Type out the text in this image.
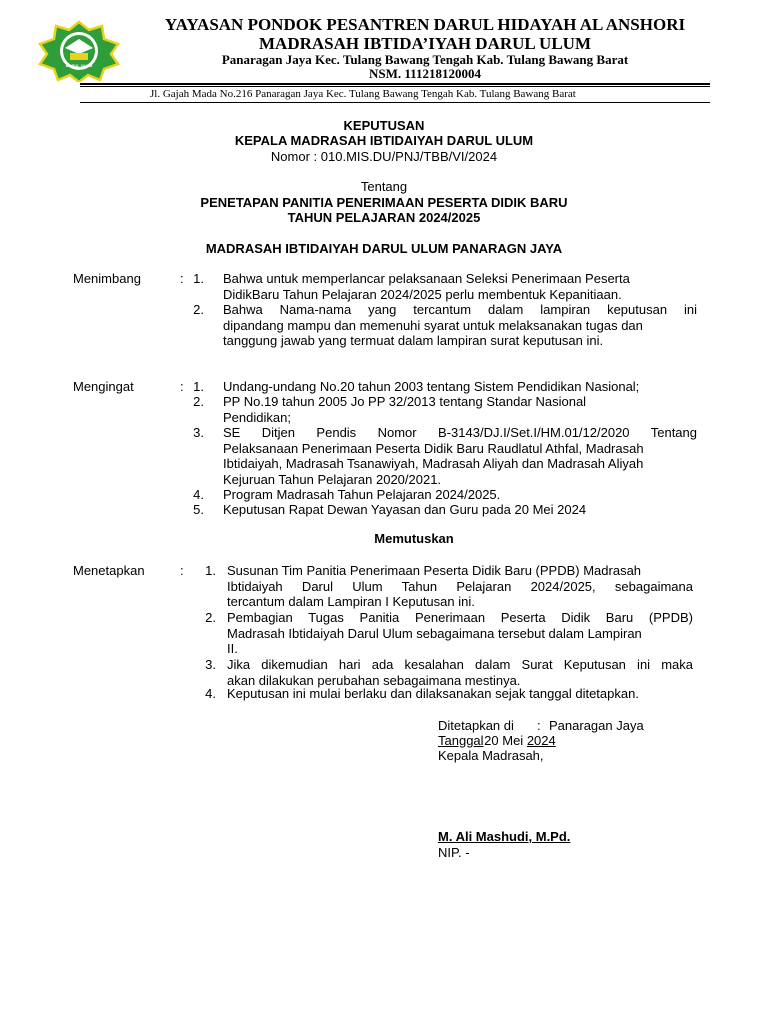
DARUL ULUM
YAYASAN PONDOK PESANTREN DARUL HIDAYAH AL ANSHORI
MADRASAH IBTIDA’IYAH DARUL ULUM
Panaragan Jaya Kec. Tulang Bawang Tengah Kab. Tulang Bawang Barat
NSM. 111218120004
Jl. Gajah Mada No.216 Panaragan Jaya Kec. Tulang Bawang Tengah Kab. Tulang Bawang Barat
KEPUTUSAN
KEPALA MADRASAH IBTIDAIYAH DARUL ULUM
Nomor : 010.MIS.DU/PNJ/TBB/VI/2024
Tentang
PENETAPAN PANITIA PENERIMAAN PESERTA DIDIK BARU
TAHUN PELAJARAN 2024/2025
MADRASAH IBTIDAIYAH DARUL ULUM PANARAGN JAYA
Menimbang	: 1. Bahwa untuk memperlancar pelaksanaan Seleksi Penerimaan Peserta
DidikBaru Tahun Pelajaran 2024/2025 perlu membentuk Kepanitiaan.
2. Bahwa Nama-nama yang tercantum dalam lampiran keputusan ini
dipandang mampu dan memenuhi syarat untuk melaksanakan tugas dan
tanggung jawab yang termuat dalam lampiran surat keputusan ini.
Mengingat	: 1. Undang-undang No.20 tahun 2003 tentang Sistem Pendidikan Nasional;
2. PP No.19 tahun 2005 Jo PP 32/2013 tentang Standar Nasional
Pendidikan;
3. SE Ditjen Pendis Nomor B-3143/DJ.I/Set.I/HM.01/12/2020 Tentang
Pelaksanaan Penerimaan Peserta Didik Baru Raudlatul Athfal, Madrasah
Ibtidaiyah, Madrasah Tsanawiyah, Madrasah Aliyah dan Madrasah Aliyah
Kejuruan Tahun Pelajaran 2020/2021.
4. Program Madrasah Tahun Pelajaran 2024/2025.
5. Keputusan Rapat Dewan Yayasan dan Guru pada 20 Mei 2024
Memutuskan
Menetapkan	:	1. Susunan Tim Panitia Penerimaan Peserta Didik Baru (PPDB) Madrasah
Ibtidaiyah Darul Ulum Tahun Pelajaran 2024/2025, sebagaimana
tercantum dalam Lampiran I Keputusan ini.
2. Pembagian Tugas Panitia Penerimaan Peserta Didik Baru (PPDB)
Madrasah Ibtidaiyah Darul Ulum sebagaimana tersebut dalam Lampiran
II.
3. Jika dikemudian hari ada kesalahan dalam Surat Keputusan ini maka
akan dilakukan perubahan sebagaimana mestinya.
4. Keputusan ini mulai berlaku dan dilaksanakan sejak tanggal ditetapkan.
Ditetapkan di : Panaragan Jaya
Tanggal 20 Mei 2024
Kepala Madrasah,
M. Ali Mashudi, M.Pd.
NIP. -
